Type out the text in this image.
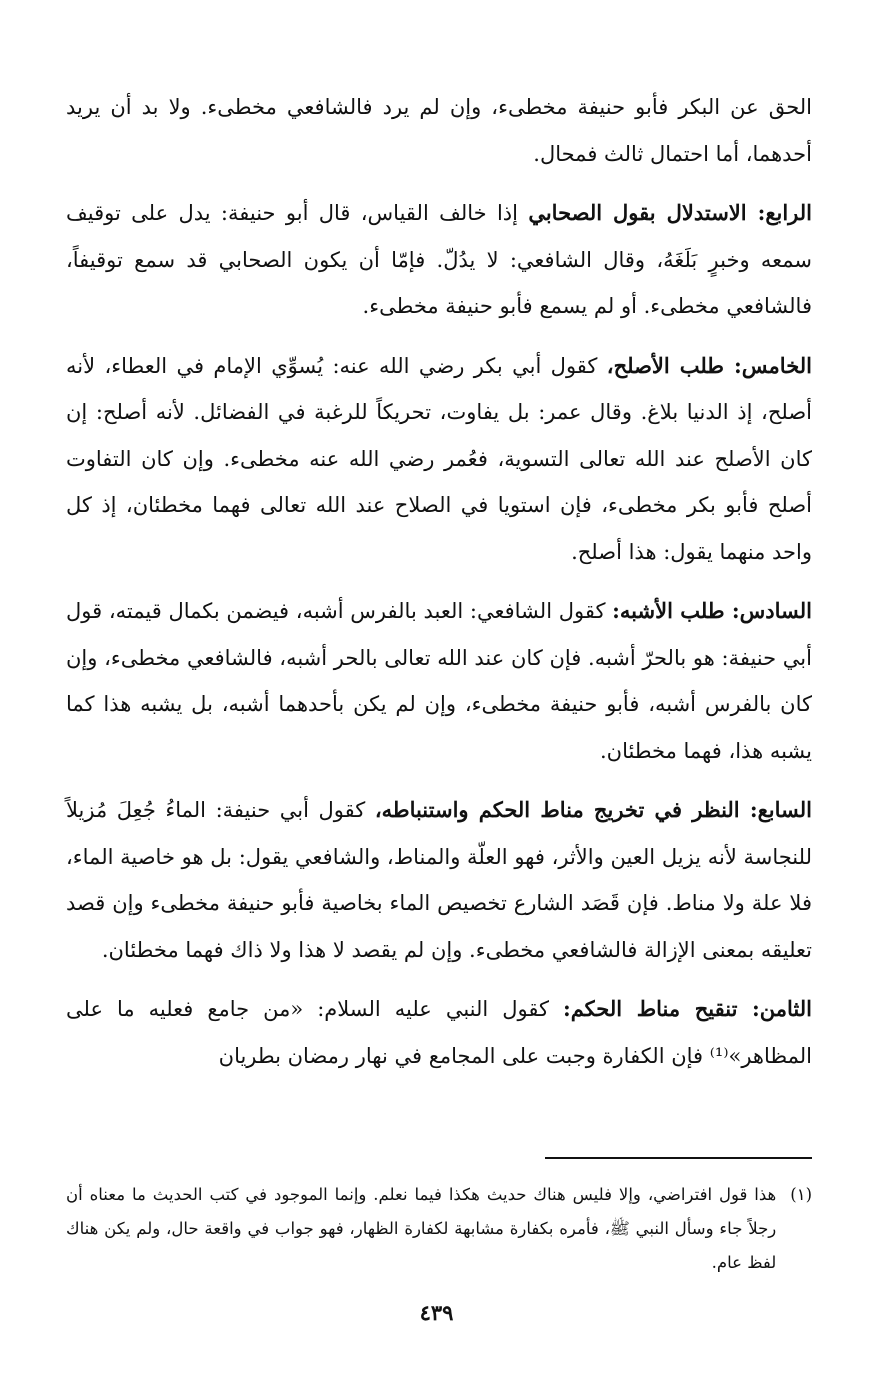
الحق عن البكر فأبو حنيفة مخطىء، وإن لم يرد فالشافعي مخطىء. ولا بد أن يريد أحدهما، أما احتمال ثالث فمحال.

الرابع: الاستدلال بقول الصحابي إذا خالف القياس، قال أبو حنيفة: يدل على توقيف سمعه وخبرٍ بَلَغَهُ، وقال الشافعي: لا يدُلّ. فإمّا أن يكون الصحابي قد سمع توقيفاً، فالشافعي مخطىء. أو لم يسمع فأبو حنيفة مخطىء.

الخامس: طلب الأصلح، كقول أبي بكر رضي الله عنه: يُسوِّي الإمام في العطاء، لأنه أصلح، إذ الدنيا بلاغ. وقال عمر: بل يفاوت، تحريكاً للرغبة في الفضائل. لأنه أصلح: إن كان الأصلح عند الله تعالى التسوية، فعُمر رضي الله عنه مخطىء. وإن كان التفاوت أصلح فأبو بكر مخطىء، فإن استويا في الصلاح عند الله تعالى فهما مخطئان، إذ كل واحد منهما يقول: هذا أصلح.

السادس: طلب الأشبه: كقول الشافعي: العبد بالفرس أشبه، فيضمن بكمال قيمته، قول أبي حنيفة: هو بالحرّ أشبه. فإن كان عند الله تعالى بالحر أشبه، فالشافعي مخطىء، وإن كان بالفرس أشبه، فأبو حنيفة مخطىء، وإن لم يكن بأحدهما أشبه، بل يشبه هذا كما يشبه هذا، فهما مخطئان.

السابع: النظر في تخريج مناط الحكم واستنباطه، كقول أبي حنيفة: الماءُ جُعِلَ مُزيلاً للنجاسة لأنه يزيل العين والأثر، فهو العلّة والمناط، والشافعي يقول: بل هو خاصية الماء، فلا علة ولا مناط. فإن قَصَد الشارع تخصيص الماء بخاصية فأبو حنيفة مخطىء وإن قصد تعليقه بمعنى الإزالة فالشافعي مخطىء. وإن لم يقصد لا هذا ولا ذاك فهما مخطئان.

الثامن: تنقيح مناط الحكم: كقول النبي عليه السلام: «من جامع فعليه ما على المظاهر»⁽¹⁾ فإن الكفارة وجبت على المجامع في نهار رمضان بطريان

(١)
هذا قول افتراضي، وإلا فليس هناك حديث هكذا فيما نعلم. وإنما الموجود في كتب الحديث ما معناه أن رجلاً جاء وسأل النبي ﷺ، فأمره بكفارة مشابهة لكفارة الظهار، فهو جواب في واقعة حال، ولم يكن هناك لفظ عام.
٤٣٩
